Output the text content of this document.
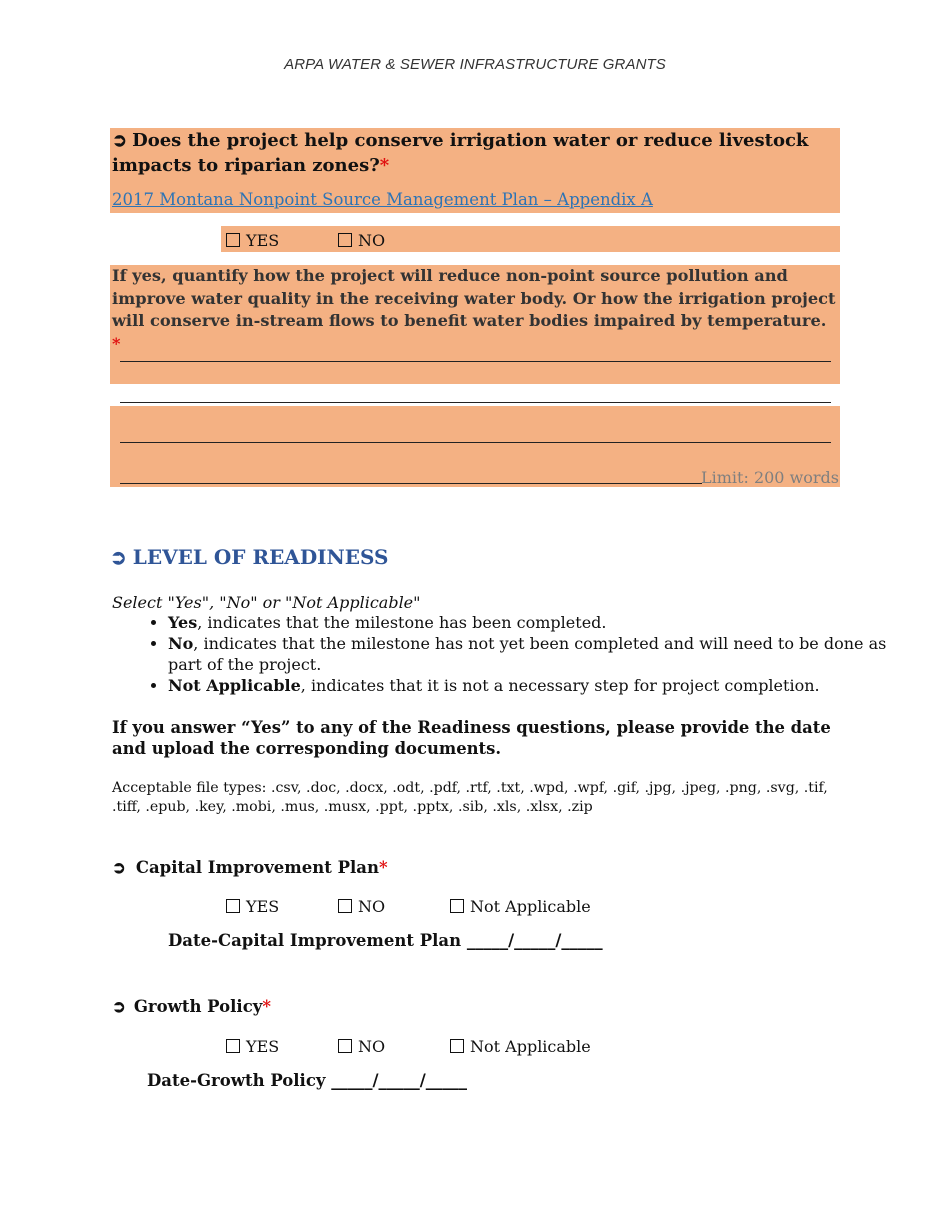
ARPA WATER & SEWER INFRASTRUCTURE GRANTS
➲ Does the project help conserve irrigation water or reduce livestock impacts to riparian zones?*
2017 Montana Nonpoint Source Management Plan – Appendix A
YES	NO
If yes, quantify how the project will reduce non-point source pollution and improve water quality in the receiving water body. Or how the irrigation project will conserve in-stream flows to benefit water bodies impaired by temperature. *
Limit: 200 words
➲ LEVEL OF READINESS
Select "Yes", "No" or "Not Applicable"
• Yes, indicates that the milestone has been completed.
• No, indicates that the milestone has not yet been completed and will need to be done as part of the project.
• Not Applicable, indicates that it is not a necessary step for project completion.
If you answer “Yes” to any of the Readiness questions, please provide the date and upload the corresponding documents.
Acceptable file types: .csv, .doc, .docx, .odt, .pdf, .rtf, .txt, .wpd, .wpf, .gif, .jpg, .jpeg, .png, .svg, .tif, .tiff, .epub, .key, .mobi, .mus, .musx, .ppt, .pptx, .sib, .xls, .xlsx, .zip
➲ Capital Improvement Plan*
YES	NO	Not Applicable
Date-Capital Improvement Plan _____/_____/_____
➲ Growth Policy*
YES	NO	Not Applicable
Date-Growth Policy _____/_____/_____
